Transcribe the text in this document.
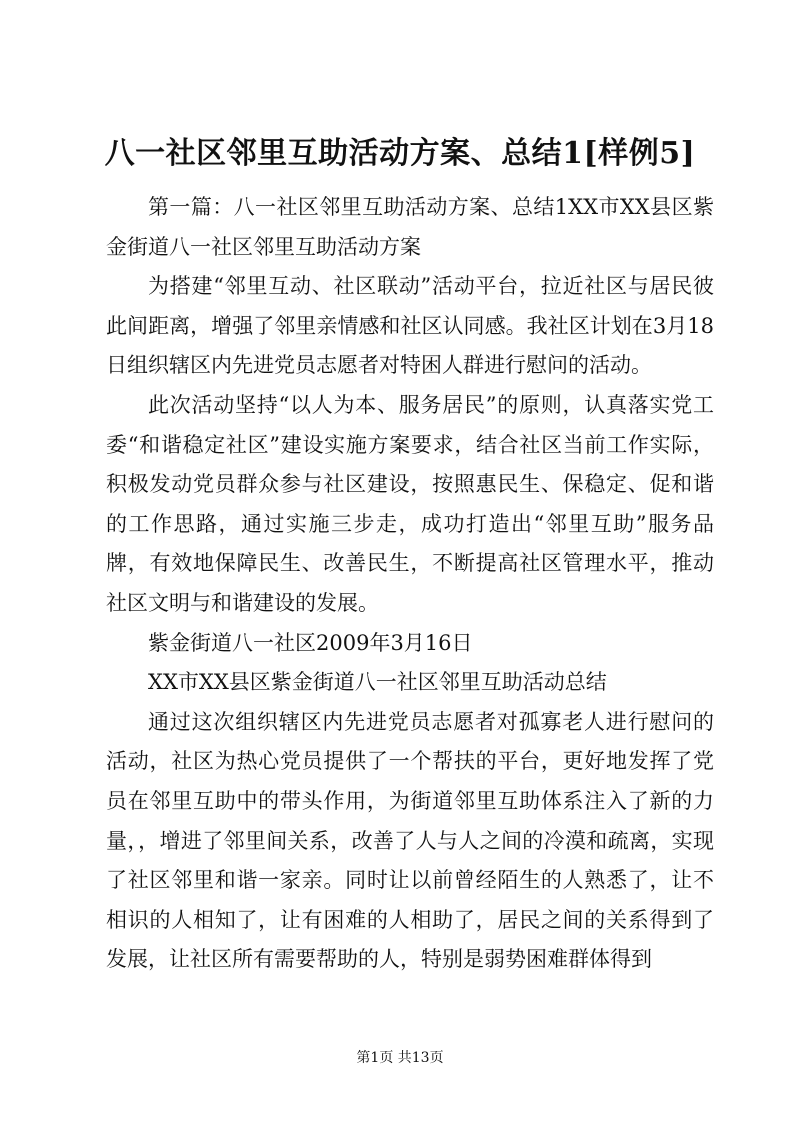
八一社区邻里互助活动方案、总结1[样例5]

第一篇：八一社区邻里互助活动方案、总结1XX市XX县区紫金街道八一社区邻里互助活动方案

为搭建“邻里互动、社区联动”活动平台，拉近社区与居民彼此间距离，增强了邻里亲情感和社区认同感。我社区计划在3月18日组织辖区内先进党员志愿者对特困人群进行慰问的活动。

此次活动坚持“以人为本、服务居民”的原则，认真落实党工委“和谐稳定社区”建设实施方案要求，结合社区当前工作实际，积极发动党员群众参与社区建设，按照惠民生、保稳定、促和谐的工作思路，通过实施三步走，成功打造出“邻里互助”服务品牌，有效地保障民生、改善民生，不断提高社区管理水平，推动社区文明与和谐建设的发展。

紫金街道八一社区2009年3月16日

XX市XX县区紫金街道八一社区邻里互助活动总结

通过这次组织辖区内先进党员志愿者对孤寡老人进行慰问的活动，社区为热心党员提供了一个帮扶的平台，更好地发挥了党员在邻里互助中的带头作用，为街道邻里互助体系注入了新的力量，，增进了邻里间关系，改善了人与人之间的冷漠和疏离，实现了社区邻里和谐一家亲。同时让以前曾经陌生的人熟悉了，让不相识的人相知了，让有困难的人相助了，居民之间的关系得到了发展，让社区所有需要帮助的人，特别是弱势困难群体得到

第1页 共13页
